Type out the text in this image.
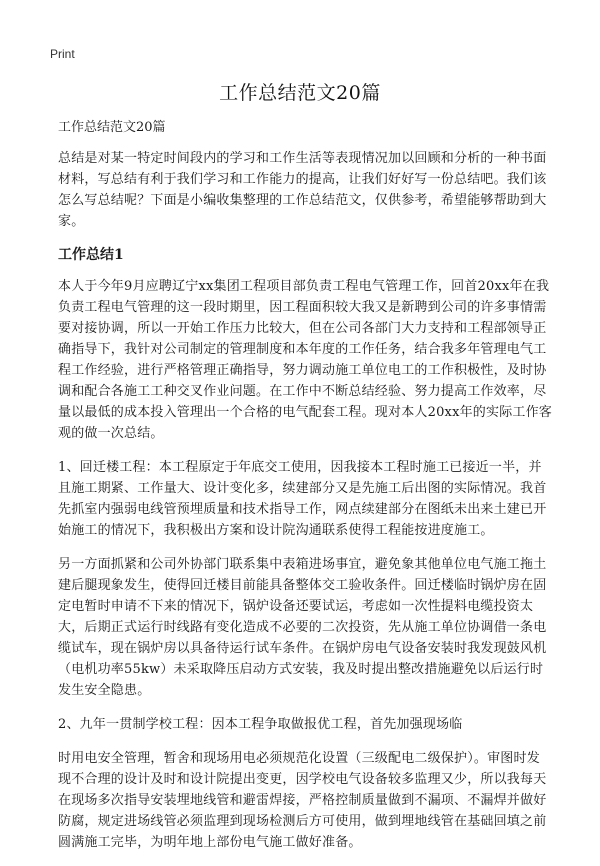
Print
工作总结范文20篇
工作总结范文20篇

总结是对某一特定时间段内的学习和工作生活等表现情况加以回顾和分析的一种书面材料，写总结有利于我们学习和工作能力的提高，让我们好好写一份总结吧。我们该怎么写总结呢？下面是小编收集整理的工作总结范文，仅供参考，希望能够帮助到大家。

工作总结1

本人于今年9月应聘辽宁xx集团工程项目部负责工程电气管理工作，回首20xx年在我负责工程电气管理的这一段时期里，因工程面积较大我又是新聘到公司的许多事情需要对接协调，所以一开始工作压力比较大，但在公司各部门大力支持和工程部领导正确指导下，我针对公司制定的管理制度和本年度的工作任务，结合我多年管理电气工程工作经验，进行严格管理正确指导，努力调动施工单位电工的工作积极性，及时协调和配合各施工工种交叉作业问题。在工作中不断总结经验、努力提高工作效率，尽量以最低的成本投入管理出一个合格的电气配套工程。现对本人20xx年的实际工作客观的做一次总结。

1、回迁楼工程：本工程原定于年底交工使用，因我接本工程时施工已接近一半，并且施工期紧、工作量大、设计变化多，续建部分又是先施工后出图的实际情况。我首先抓室内强弱电线管预埋质量和技术指导工作，网点续建部分在图纸未出来土建已开始施工的情况下，我积极出方案和设计院沟通联系使得工程能按进度施工。

另一方面抓紧和公司外协部门联系集中表箱进场事宜，避免象其他单位电气施工拖土建后腿现象发生，使得回迁楼目前能具备整体交工验收条件。回迁楼临时锅炉房在固定电暂时申请不下来的情况下，锅炉设备还要试运，考虑如一次性提料电缆投资太大，后期正式运行时线路有变化造成不必要的二次投资，先从施工单位协调借一条电缆试车，现在锅炉房以具备待运行试车条件。在锅炉房电气设备安装时我发现鼓风机（电机功率55kw）未采取降压启动方式安装，我及时提出整改措施避免以后运行时发生安全隐患。

2、九年一贯制学校工程：因本工程争取做报优工程，首先加强现场临

时用电安全管理，暂舍和现场用电必须规范化设置（三级配电二级保护）。审图时发现不合理的设计及时和设计院提出变更，因学校电气设备较多监理又少，所以我每天在现场多次指导安装埋地线管和避雷焊接，严格控制质量做到不漏项、不漏焊并做好防腐，规定进场线管必须监理到现场检测后方可使用，做到埋地线管在基础回填之前圆满施工完毕，为明年地上部份电气施工做好准备。
